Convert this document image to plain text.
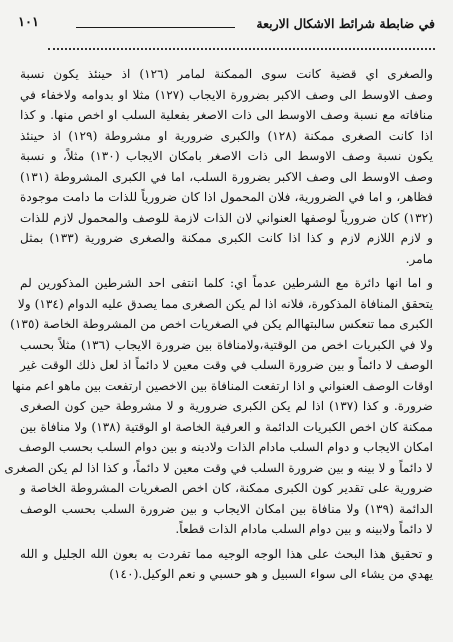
في ضابطة شرائط الاشكال الاربعة
١٠١
والصغرى اي قضية كانت سوى الممكنة لمامر (١٢٦) اذ حينئذ يكون نسبة
وصف الاوسط الى وصف الاكبر بضرورة الايجاب (١٢٧) مثلا او بدوامه ولاخفاء في
منافاته مع نسبة وصف الاوسط الى ذات الاصغر بفعلية السلب او اخص منها. و كذا
اذا كانت الصغرى ممكنة (١٢٨) والكبرى ضرورية او مشروطة (١٢٩) اذ حينئذ
يكون نسبة وصف الاوسط الى ذات الاصغر بامكان الايجاب (١٣٠) مثلاً، و نسبة
وصف الاوسط الى وصف الاكبر بضرورة السلب، اما في الكبرى المشروطة (١٣١)
فظاهر، و اما في الضرورية، فلان المحمول اذا كان ضرورياً للذات ما دامت موجودة
(١٣٢) كان ضرورياً لوصفها العنواني لان الذات لازمة للوصف والمحمول لازم للذات
و لازم اللازم لازم و كذا اذا كانت الكبرى ممكنة والصغرى ضرورية (١٣٣) بمثل
مامر.
و اما انها دائرة مع الشرطين عدماً اي: كلما انتفى احد الشرطين المذكورين لم
يتحقق المنافاة المذكورة، فلانه اذا لم يكن الصغرى مما يصدق عليه الدوام (١٣٤) ولا
الكبرى مما تنعكس سالبتهاالم يكن في الصغريات اخص من المشروطة الخاصة (١٣٥)
ولا في الكبريات اخص من الوقتية،ولامنافاة بين ضرورة الايجاب (١٣٦) مثلاً بحسب
الوصف لا دائماً و بين ضرورة السلب في وقت معين لا دائماً اذ لعل ذلك الوقت غير
اوقات الوصف العنواني و اذا ارتفعت المنافاة بين الاخصين ارتفعت بين ماهو اعم منها
ضرورة. و كذا (١٣٧) اذا لم يكن الكبرى ضرورية و لا مشروطة حين كون الصغرى
ممكنة كان اخص الكبريات الدائمة و العرفية الخاصة او الوقتية (١٣٨) ولا منافاة بين
امكان الايجاب و دوام السلب مادام الذات ولادينه و بين دوام السلب بحسب الوصف
لا دائماً و لا بينه و بين ضرورة السلب في وقت معين لا دائماً، و كذا اذا لم يكن الصغرى
ضرورية على تقدير كون الكبرى ممكنة، كان اخص الصغريات المشروطة الخاصة و
الدائمة (١٣٩) ولا منافاة بين امكان الايجاب و بين ضرورة السلب بحسب الوصف
لا دائماً ولابينه و بين دوام السلب مادام الذات قطعاً.
و تحقيق هذا البحث على هذا الوجه الوجيه مما تفردت به بعون الله الجليل و الله
يهدي من يشاء الى سواء السبيل و هو حسبي و نعم الوكيل.(١٤٠)
